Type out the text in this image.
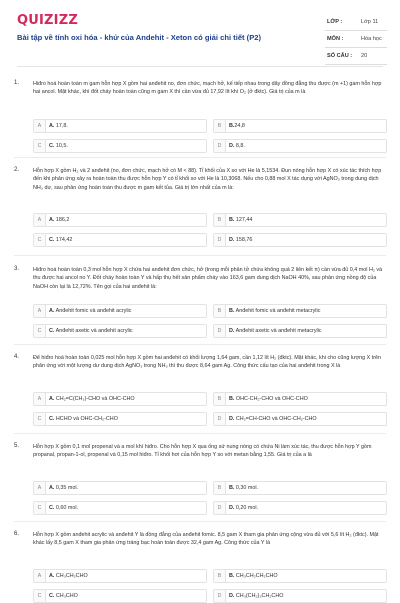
QUIZIZZ
Bài tập về tính oxi hóa - khử của Andehit - Xeton có giải chi tiết (P2)
LỚP :	Lớp 11
MÔN :	Hóa học
SỐ CÂU : 20
1.	Hiđro hoá hoàn toàn m gam hỗn hợp X gồm hai anđehit no, đơn chức, mạch hở, kế tiếp nhau trong dãy đồng đẳng thu được (m +1) gam hỗn hợp hai ancol. Mặt khác, khi đốt cháy hoàn toàn cũng m gam X thì cần vừa đủ 17,92 lít khí O₂ (ở đktc). Giá trị của m là
A	A. 17,8.	B	B.24,8
C	C. 10,5.	D	D. 8,8.
2.	Hỗn hợp X gồm H₂ và 2 anđehit (no, đơn chức, mạch hở có M < 88). Tỉ khối của X so với He là 5,1534. Đun nóng hỗn hợp X có xúc tác thích hợp đến khi phản ứng xảy ra hoàn toàn thu được hỗn hợp Y có tỉ khối so với He là 10,3068. Nếu cho 0,88 mol X tác dụng với AgNO₃ trong dung dịch NH₃ dư, sau phản ứng hoàn toàn thu được m gam kết tủa. Giá trị lớn nhất của m là:
A	A. 186,2	B	B. 127,44
C	C. 174,42	D	D. 158,76
3.	Hiđro hoá hoàn toàn 0,3 mol hỗn hợp X chứa hai anđehit đơn chức, hở (trong mỗi phân tử chứa không quá 2 liên kết π) cần vừa đủ 0,4 mol H₂ và thu được hai ancol no Y. Đốt cháy hoàn toàn Y và hấp thụ hết sản phẩm cháy vào 163,6 gam dung dịch NaOH 40%, sau phản ứng nồng độ của NaOH còn lại là 12,72%. Tên gọi của hai anđehit là:
A	A. Anđehit fomic và anđehit acrylic	B	B. Anđehit fomic và anđehit metacrylic
C	C. Anđehit axetic và anđehit acrylic	D	D. Anđehit axetic và anđehit metacrylic
4.	Để hiđro hoá hoàn toàn 0,025 mol hỗn hợp X gồm hai anđehit có khối lượng 1,64 gam, cần 1,12 lít H₂ (đktc). Mặt khác, khi cho cũng lượng X trên phản ứng với một lượng dư dung dịch AgNO₃ trong NH₃ thì thu được 8,64 gam Ag. Công thức cấu tạo của hai anđehit trong X là
A	A. CH₂=C(CH₃)-CHO và OHC-CHO	B	B. OHC-CH₂-CHO và OHC-CHO
C	C. HCHO và OHC-CH₂-CHO	D	D. CH₂=CH-CHO và OHC-CH₂-CHO
5.	Hỗn hợp X gồm 0,1 mol propenal và a mol khí hiđro. Cho hỗn hợp X qua ống sứ nung nóng có chứa Ni làm xúc tác, thu được hỗn hợp Y gồm propanal, propan-1-ol, propenal và 0,15 mol hiđro. Tỉ khối hơi của hỗn hợp Y so với metan bằng 1,55. Giá trị của a là
A	A. 0,35 mol.	B	B. 0,30 mol.
C	C. 0,60 mol.	D	D. 0,20 mol.
6.	Hỗn hợp X gồm anđehit acrylic và anđehit Y là đồng đẳng của anđehit fomic. 8,5 gam X tham gia phản ứng cộng vừa đủ với 5,6 lít H₂ (đktc). Mặt khác lấy 8,5 gam X tham gia phản ứng tráng bạc hoàn toàn được 32,4 gam Ag. Công thức của Y là
A	A. CH₃CH₂CHO	B	B. CH₃CH₂CH₂CHO
C	C. CH₃CHO	D	D. CH₃(CH₂)₃CH₂CHO
